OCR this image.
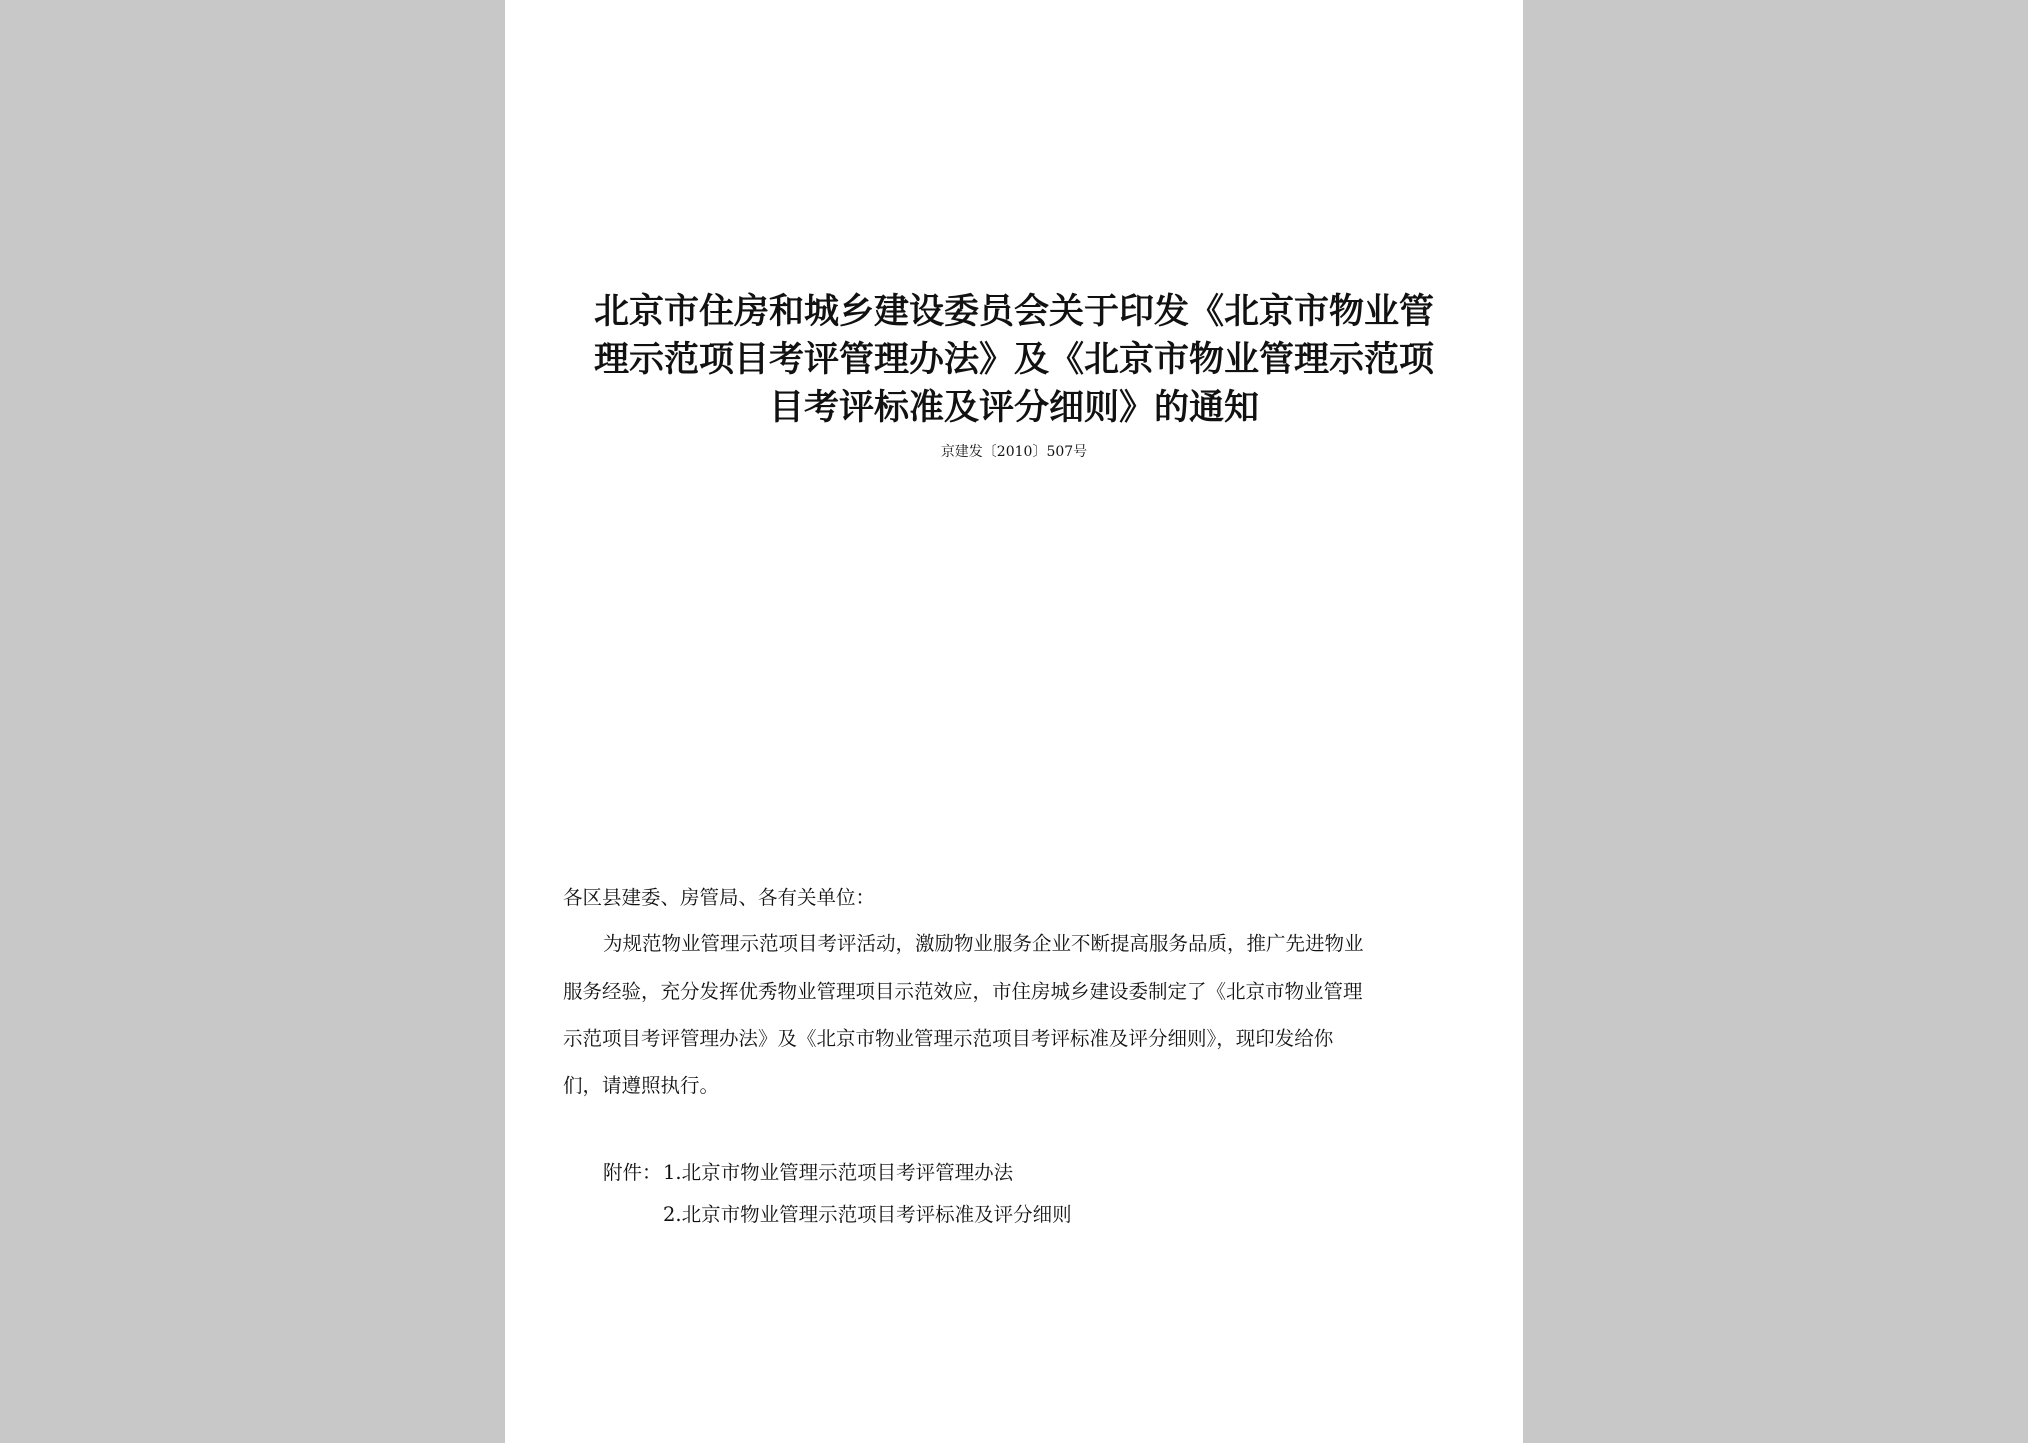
北京市住房和城乡建设委员会关于印发《北京市物业管
理示范项目考评管理办法》及《北京市物业管理示范项
目考评标准及评分细则》的通知
京建发〔2010〕507号
各区县建委、房管局、各有关单位：
为规范物业管理示范项目考评活动，激励物业服务企业不断提高服务品质，推广先进物业
服务经验，充分发挥优秀物业管理项目示范效应，市住房城乡建设委制定了《北京市物业管理
示范项目考评管理办法》及《北京市物业管理示范项目考评标准及评分细则》，现印发给你
们，请遵照执行。
附件： 1.北京市物业管理示范项目考评管理办法
2.北京市物业管理示范项目考评标准及评分细则
